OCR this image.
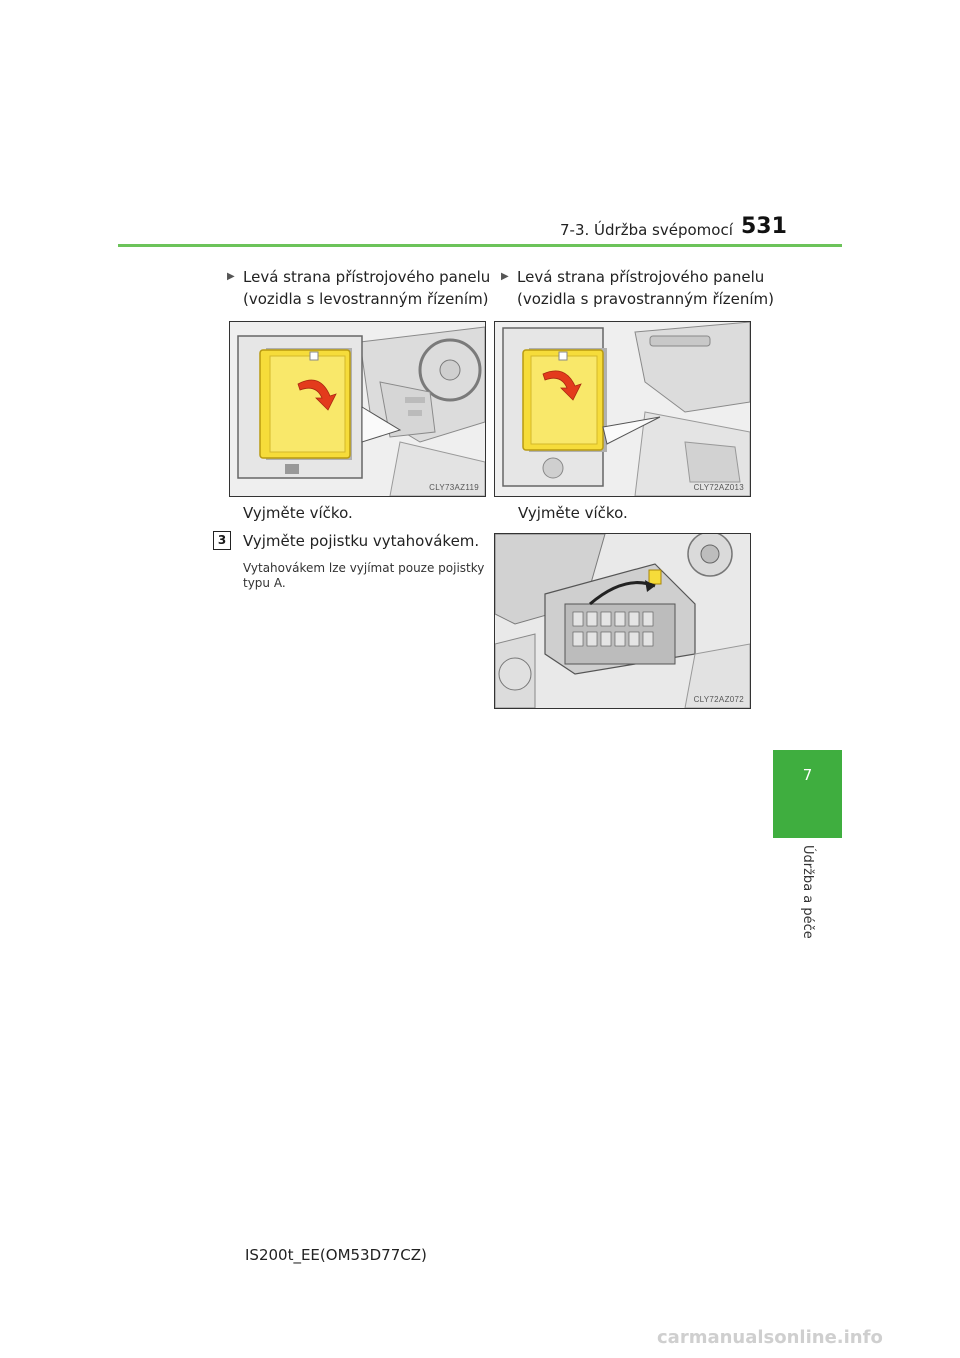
7-3. Údržba svépomocí 531
7
Údržba a péče
▶ Levá strana přístrojového panelu
(vozidla s levostranným řízením)
CLY73AZ119
Vyjměte víčko.
▶ Levá strana přístrojového panelu
(vozidla s pravostranným řízením)
CLY72AZ013
Vyjměte víčko.
3	Vyjměte pojistku vytahovákem.
Vytahovákem lze vyjímat pouze pojistky
typu A.
CLY72AZ072
IS200t_EE(OM53D77CZ)
carmanualsonline.info
